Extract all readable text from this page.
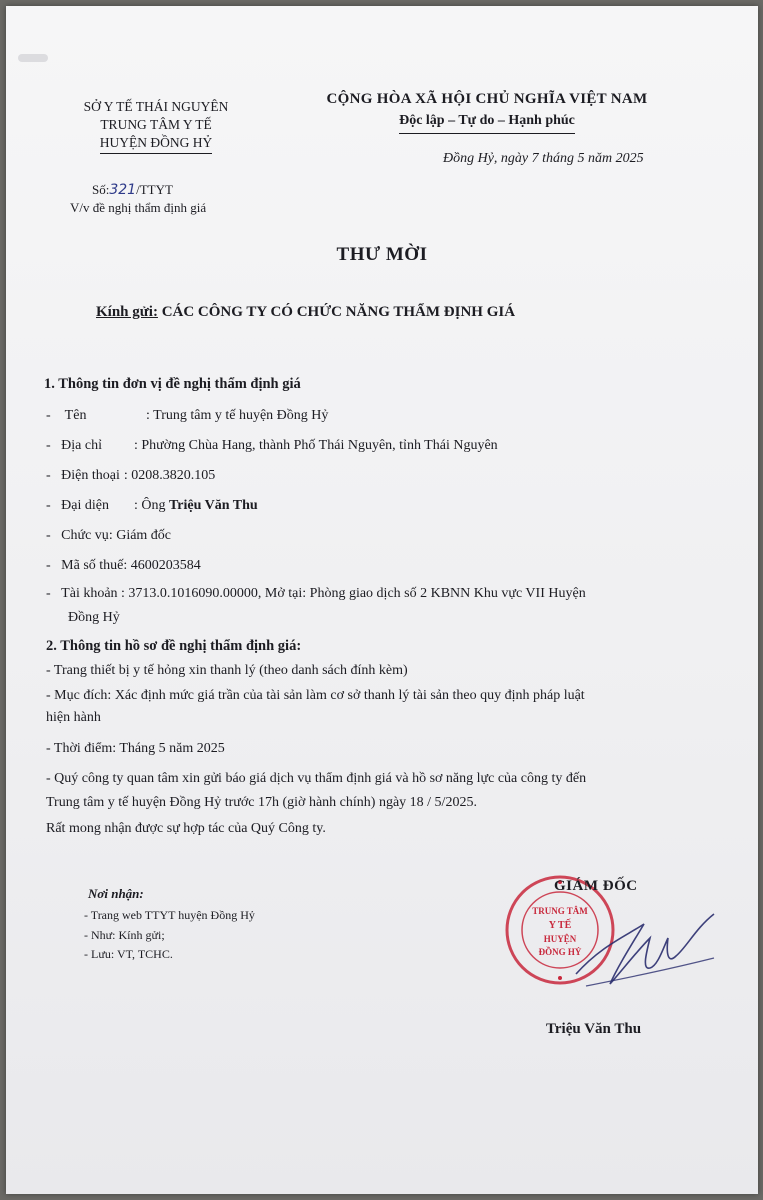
SỞ Y TẾ THÁI NGUYÊN
TRUNG TÂM Y TẾ
HUYỆN ĐỒNG HỶ
Số:321/TTYT
V/v đề nghị thẩm định giá
CỘNG HÒA XÃ HỘI CHỦ NGHĨA VIỆT NAM
Độc lập – Tự do – Hạnh phúc
Đồng Hỷ, ngày 7 tháng 5 năm 2025
THƯ MỜI
Kính gửi: CÁC CÔNG TY CÓ CHỨC NĂNG THẨM ĐỊNH GIÁ
1. Thông tin đơn vị đề nghị thẩm định giá
-    Tên	: Trung tâm y tế huyện Đồng Hỷ
-   Địa chỉ : Phường Chùa Hang, thành Phố Thái Nguyên, tỉnh Thái Nguyên
-   Điện thoại : 0208.3820.105
-   Đại diện : Ông Triệu Văn Thu
-   Chức vụ: Giám đốc
-   Mã số thuế: 4600203584
-   Tài khoản : 3713.0.1016090.00000, Mở tại: Phòng giao dịch số 2 KBNN Khu vực VII Huyện
Đồng Hỷ
2. Thông tin hồ sơ đề nghị thẩm định giá:
- Trang thiết bị y tế hỏng xin thanh lý (theo danh sách đính kèm)
- Mục đích: Xác định mức giá trần của tài sản làm cơ sở thanh lý tài sản theo quy định pháp luật
hiện hành
- Thời điểm: Tháng 5 năm 2025
- Quý công ty quan tâm xin gửi báo giá dịch vụ thẩm định giá và hồ sơ năng lực của công ty đến
Trung tâm y tế huyện Đồng Hỷ trước 17h (giờ hành chính) ngày 18 / 5/2025.
Rất mong nhận được sự hợp tác của Quý Công ty.
Nơi nhận:
- Trang web TTYT huyện Đồng Hỷ
- Như: Kính gửi;
- Lưu: VT, TCHC.
TRUNG TÂM
Y TẾ
HUYỆN
ĐỒNG HỶ
GIÁM ĐỐC
Triệu Văn Thu
